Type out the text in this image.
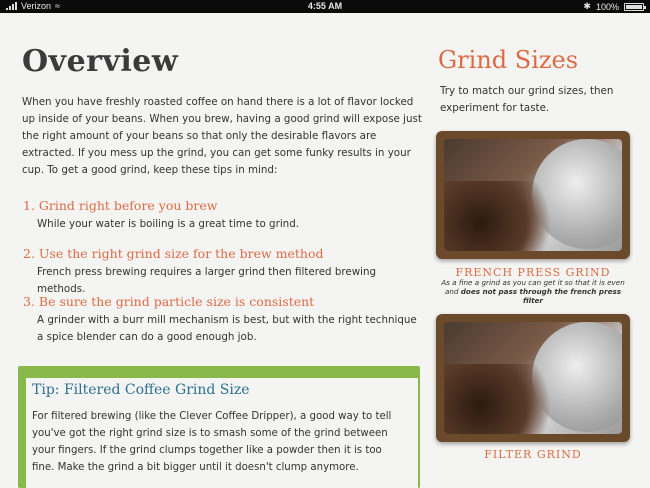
Verizon ≈	4:55 AM	✱ 100%
Overview
When you have freshly roasted coffee on hand there is a lot of flavor locked up inside of your beans. When you brew, having a good grind will expose just the right amount of your beans so that only the desirable flavors are extracted. If you mess up the grind, you can get some funky results in your cup. To get a good grind, keep these tips in mind:
1. Grind right before you brew
While your water is boiling is a great time to grind.
2. Use the right grind size for the brew method
French press brewing requires a larger grind then filtered brewing methods.
3. Be sure the grind particle size is consistent
A grinder with a burr mill mechanism is best, but with the right technique a spice blender can do a good enough job.
Tip: Filtered Coffee Grind Size
For filtered brewing (like the Clever Coffee Dripper), a good way to tell you've got the right grind size is to smash some of the grind between your fingers. If the grind clumps together like a powder then it is too fine. Make the grind a bit bigger until it doesn't clump anymore.
Grind Sizes
Try to match our grind sizes, then experiment for taste.
FRENCH PRESS GRIND
As a fine a grind as you can get it so that it is even and does not pass through the french press filter
FILTER GRIND
